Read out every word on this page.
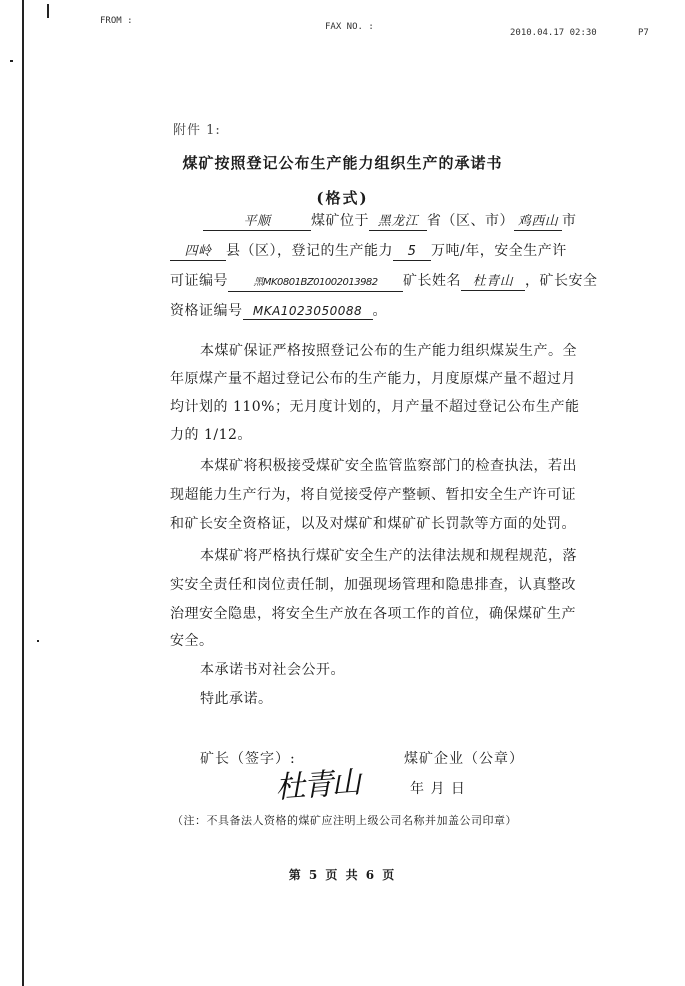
FROM :
FAX NO. :
2010.04.17 02:30	P7
附件 1:
煤矿按照登记公布生产能力组织生产的承诺书
(格式)
平顺	煤矿位于 黑龙江 省（区、市） 鸡西山 市
四岭 县（区），登记的生产能力 5 万吨/年，安全生产许
可证编号	黑MK0801BZ01002013982 矿长姓名 杜青山 ，矿长安全
资格证编号 MKA1023050088 。
本煤矿保证严格按照登记公布的生产能力组织煤炭生产。全
年原煤产量不超过登记公布的生产能力，月度原煤产量不超过月
均计划的 110%；无月度计划的，月产量不超过登记公布生产能
力的 1/12。
本煤矿将积极接受煤矿安全监管监察部门的检查执法，若出
现超能力生产行为，将自觉接受停产整顿、暂扣安全生产许可证
和矿长安全资格证，以及对煤矿和煤矿矿长罚款等方面的处罚。
本煤矿将严格执行煤矿安全生产的法律法规和规程规范，落
实安全责任和岗位责任制，加强现场管理和隐患排查，认真整改
治理安全隐患，将安全生产放在各项工作的首位，确保煤矿生产
安全。
本承诺书对社会公开。
特此承诺。
矿长（签字）:	煤矿企业（公章）
杜青山	年 月 日
（注：不具备法人资格的煤矿应注明上级公司名称并加盖公司印章）
第 5 页 共 6 页
